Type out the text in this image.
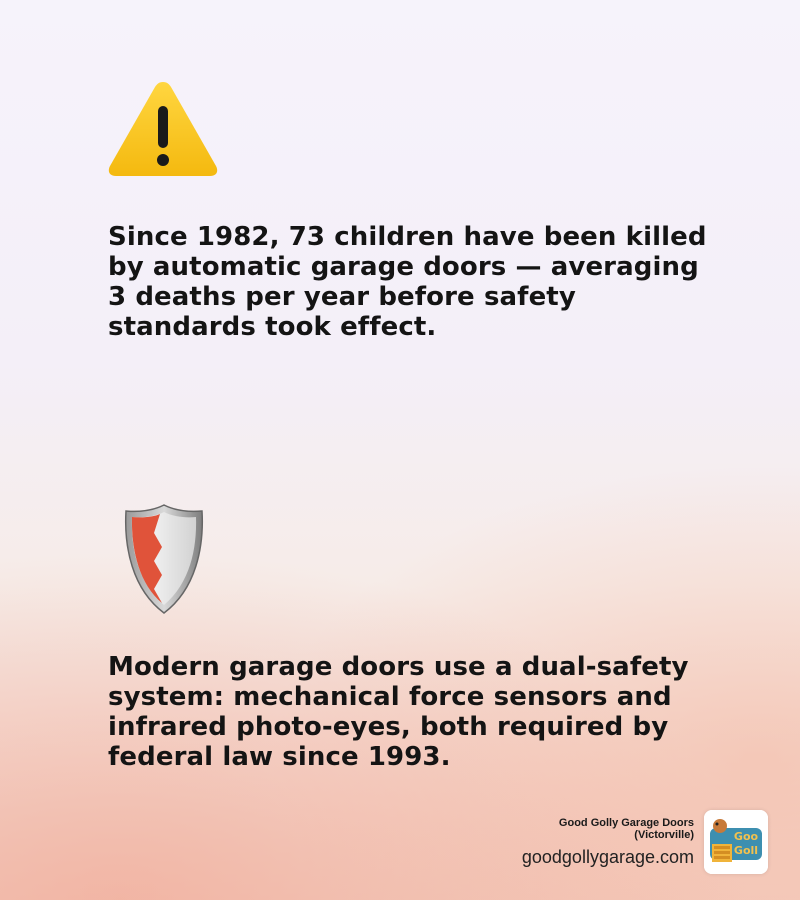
Since 1982, 73 children have been killed by automatic garage doors — averaging 3 deaths per year before safety standards took effect.

Modern garage doors use a dual-safety system: mechanical force sensors and infrared photo-eyes, both required by federal law since 1993.

Good Golly Garage Doors
(Victorville)
goodgollygarage.com
Goo
Goll
